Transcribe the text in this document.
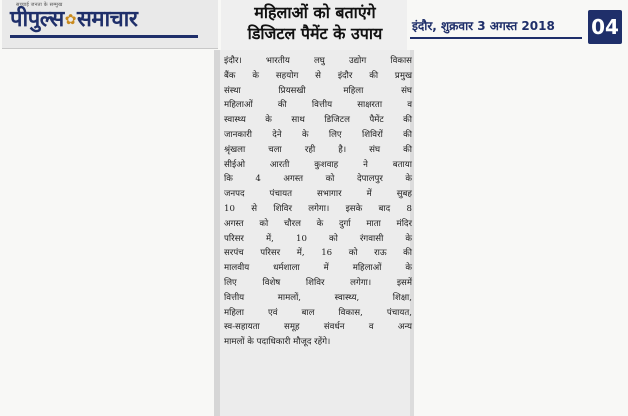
सच्चाई जनता के सम्मुख
पीपुल्स✿समाचार	महिलाओं को बताएंगे
डिजिटल पैमेंट के उपाय	इंदौर, शुक्रवार 3 अगस्त 2018 04
इंदौर। भारतीय लघु उद्योग विकास
बैंक के सहयोग से इंदौर की प्रमुख
संस्था प्रियसखी महिला संघ
महिलाओं की वित्तीय साक्षरता व
स्वास्थ्य के साथ डिजिटल पैमेंट की
जानकारी देने के लिए शिविरों की
श्रृंखला चला रही है। संघ की
सीईओ आरती कुशवाह ने बताया
कि 4 अगस्त को देपालपुर के
जनपद पंचायत सभागार में सुबह
10 से शिविर लगेगा। इसके बाद 8
अगस्त को चौरल के दुर्गा माता मंदिर
परिसर में, 10 को रंगवासी के
सरपंच परिसर में, 16 को राऊ की
मालवीय धर्मशाला में महिलाओं के
लिए विशेष शिविर लगेगा। इसमें
वित्तीय मामलों, स्वास्थ्य, शिक्षा,
महिला एवं बाल विकास, पंचायत,
स्व-सहायता समूह संवर्धन व अन्य
मामलों के पदाधिकारी मौजूद रहेंगे।
